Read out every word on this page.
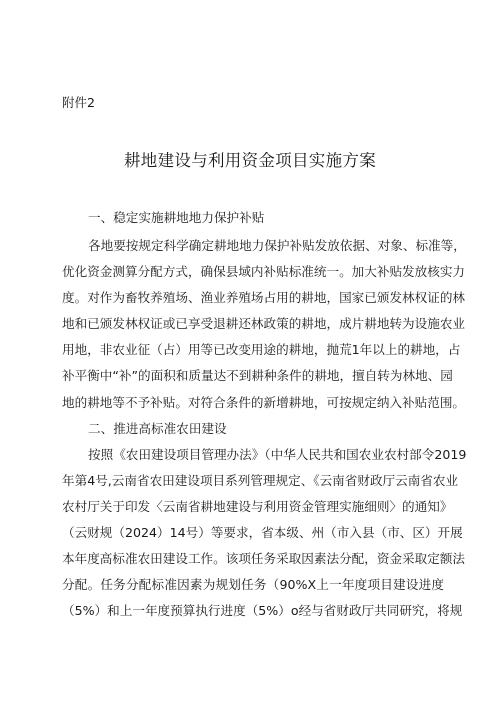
附件2
耕地建设与利用资金项目实施方案
一、稳定实施耕地地力保护补贴
各地要按规定科学确定耕地地力保护补贴发放依据、对象、标准等，
优化资金测算分配方式，确保县域内补贴标准统一。加大补贴发放核实力
度。对作为畜牧养殖场、渔业养殖场占用的耕地，国家已颁发林权证的林
地和已颁发林权证或已享受退耕还林政策的耕地，成片耕地转为设施农业
用地，非农业征（占）用等已改变用途的耕地，抛荒1年以上的耕地，占
补平衡中“补”的面积和质量达不到耕种条件的耕地，擅自转为林地、园
地的耕地等不予补贴。对符合条件的新增耕地，可按规定纳入补贴范围。
二、推进高标准农田建设
按照《农田建设项目管理办法》（中华人民共和国农业农村部令2019
年第4号,云南省农田建设项目系列管理规定、《云南省财政厅云南省农业
农村厅关于印发〈云南省耕地建设与利用资金管理实施细则〉的通知》
（云财规（2024）14号）等要求，省本级、州（市入县（市、区）开展
本年度高标准农田建设工作。该项任务采取因素法分配，资金采取定额法
分配。任务分配标准因素为规划任务（90%X上一年度项目建设进度
（5%）和上一年度预算执行进度（5%）o经与省财政厅共同研究，将规
